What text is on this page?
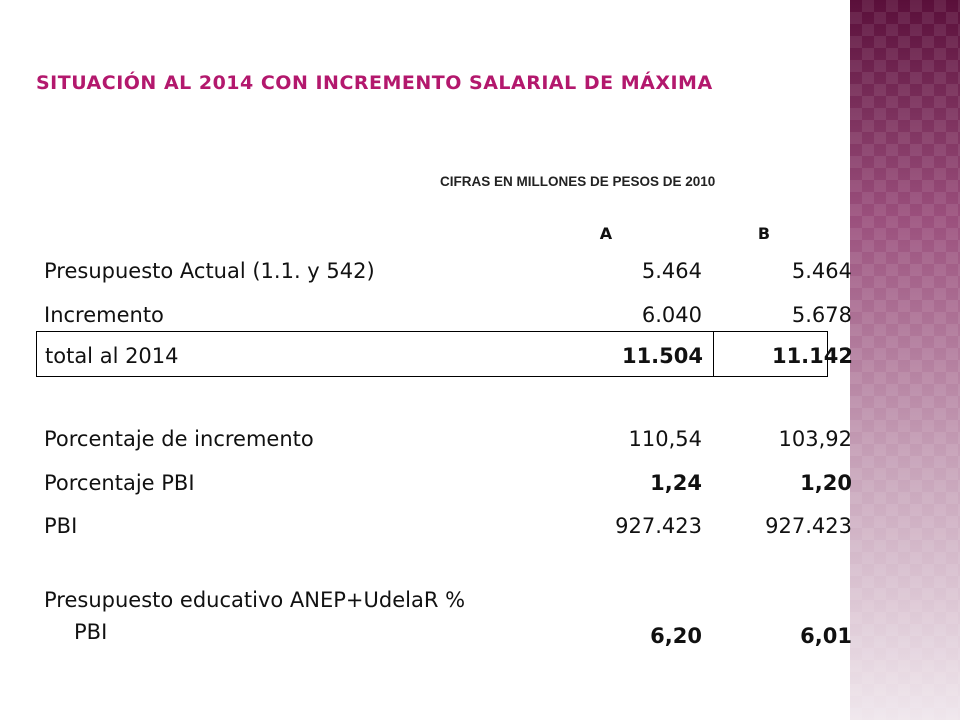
SITUACIÓN AL 2014 CON INCREMENTO SALARIAL DE MÁXIMA
CIFRAS EN MILLONES DE PESOS DE 2010
A	B
Presupuesto Actual (1.1. y 542)	5.464	5.464
Incremento	6.040	5.678
total al 2014	11.504	11.142
Porcentaje de incremento	110,54	103,92
Porcentaje PBI	1,24	1,20
PBI	927.423	927.423
Presupuesto educativo ANEP+UdelaR %
PBI	6,20	6,01
